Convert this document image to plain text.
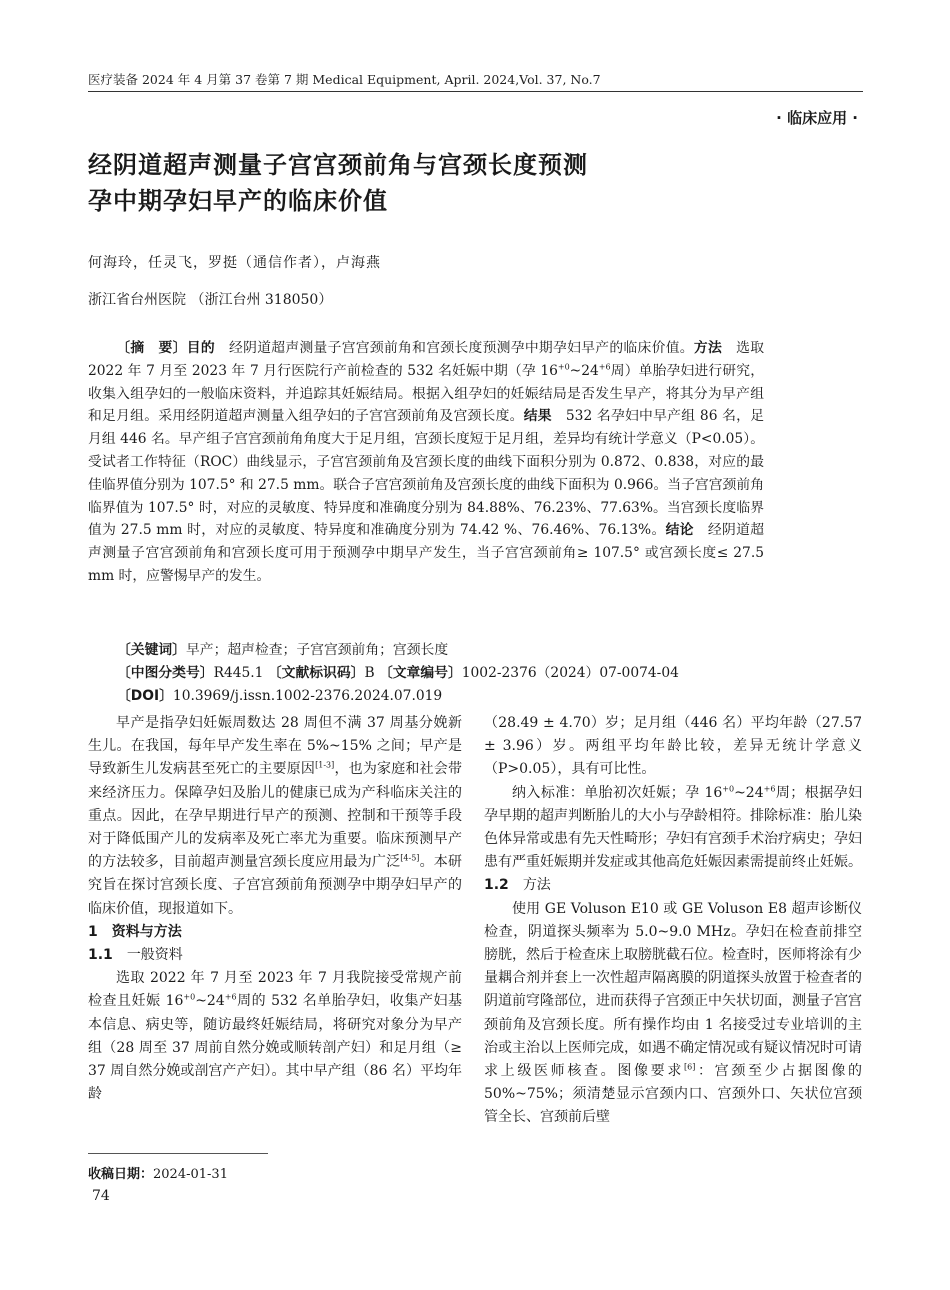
医疗装备 2024 年 4 月第 37 卷第 7 期 Medical Equipment, April. 2024,Vol. 37, No.7
· 临床应用 ·
经阴道超声测量子宫宫颈前角与宫颈长度预测
孕中期孕妇早产的临床价值
何海玲，任灵飞，罗挺（通信作者），卢海燕
浙江省台州医院 （浙江台州 318050）
〔摘　要〕目的　 经阴道超声测量子宫宫颈前角和宫颈长度预测孕中期孕妇早产的临床价值。方法　 选取 2022 年 7 月至 2023 年 7 月行医院行产前检查的 532 名妊娠中期（孕 $16^{+0}\sim 24^{+6}$周）单胎孕妇进行研究，收集入组孕妇的一般临床资料，并追踪其妊娠结局。根据入组孕妇的妊娠结局是否发生早产，将其分为早产组和足月组。采用经阴道超声测量入组孕妇的子宫宫颈前角及宫颈长度。结果　 532 名孕妇中早产组 86 名，足月组 446 名。早产组子宫宫颈前角角度大于足月组，宫颈长度短于足月组，差异均有统计学意义（P<0.05）。受试者工作特征（ROC）曲线显示，子宫宫颈前角及宫颈长度的曲线下面积分别为 0.872、0.838，对应的最佳临界值分别为 107.5° 和 27.5 mm。联合子宫宫颈前角及宫颈长度的曲线下面积为 0.966。当子宫宫颈前角临界值为 107.5° 时，对应的灵敏度、特异度和准确度分别为 84.88%、76.23%、77.63%。当宫颈长度临界值为 27.5 mm 时，对应的灵敏度、特异度和准确度分别为 74.42 %、76.46%、76.13%。结论　 经阴道超声测量子宫宫颈前角和宫颈长度可用于预测孕中期早产发生，当子宫宫颈前角≥ 107.5° 或宫颈长度≤ 27.5 mm 时，应警惕早产的发生。
〔关键词〕早产；超声检查；子宫宫颈前角；宫颈长度
〔中图分类号〕R445.1 〔文献标识码〕B 〔文章编号〕1002-2376（2024）07-0074-04
〔DOI〕10.3969/j.issn.1002-2376.2024.07.019

早产是指孕妇妊娠周数达 28 周但不满 37 周基分娩新生儿。在我国，每年早产发生率在 5%~15% 之间；早产是导致新生儿发病甚至死亡的主要原因[1-3]，也为家庭和社会带来经济压力。保障孕妇及胎儿的健康已成为产科临床关注的重点。因此，在孕早期进行早产的预测、控制和干预等手段对于降低围产儿的发病率及死亡率尤为重要。临床预测早产的方法较多，目前超声测量宫颈长度应用最为广泛[4-5]。本研究旨在探讨宫颈长度、子宫宫颈前角预测孕中期孕妇早产的临床价值，现报道如下。

1　 资料与方法
1.1 一般资料

选取 2022 年 7 月至 2023 年 7 月我院接受常规产前检查且妊娠 $16^{+0}\sim 24^{+6}$周的 532 名单胎孕妇，收集产妇基本信息、病史等，随访最终妊娠结局，将研究对象分为早产组（28 周至 37 周前自然分娩或顺转剖产妇）和足月组（≥ 37 周自然分娩或剖宫产产妇）。其中早产组（86 名）平均年龄

（28.49 ± 4.70）岁；足月组（446 名）平均年龄（27.57 ± 3.96）岁。两组平均年龄比较，差异无统计学意义（P>0.05），具有可比性。

纳入标准：单胎初次妊娠；孕 $16^{+0}\sim 24^{+6}$周；根据孕妇孕早期的超声判断胎儿的大小与孕龄相符。排除标准：胎儿染色体异常或患有先天性畸形；孕妇有宫颈手术治疗病史；孕妇患有严重妊娠期并发症或其他高危妊娠因素需提前终止妊娠。

1.2 方法

使用 GE Voluson E10 或 GE Voluson E8 超声诊断仪检查，阴道探头频率为 5.0~9.0 MHz。孕妇在检查前排空膀胱，然后于检查床上取膀胱截石位。检查时，医师将涂有少量耦合剂并套上一次性超声隔离膜的阴道探头放置于检查者的阴道前穹隆部位，进而获得子宫颈正中矢状切面，测量子宫宫颈前角及宫颈长度。所有操作均由 1 名接受过专业培训的主治或主治以上医师完成，如遇不确定情况或有疑议情况时可请求上级医师核查。图像要求[6]：宫颈至少占据图像的 50%~75%；须清楚显示宫颈内口、宫颈外口、矢状位宫颈管全长、宫颈前后壁

收稿日期：2024-01-31
74
